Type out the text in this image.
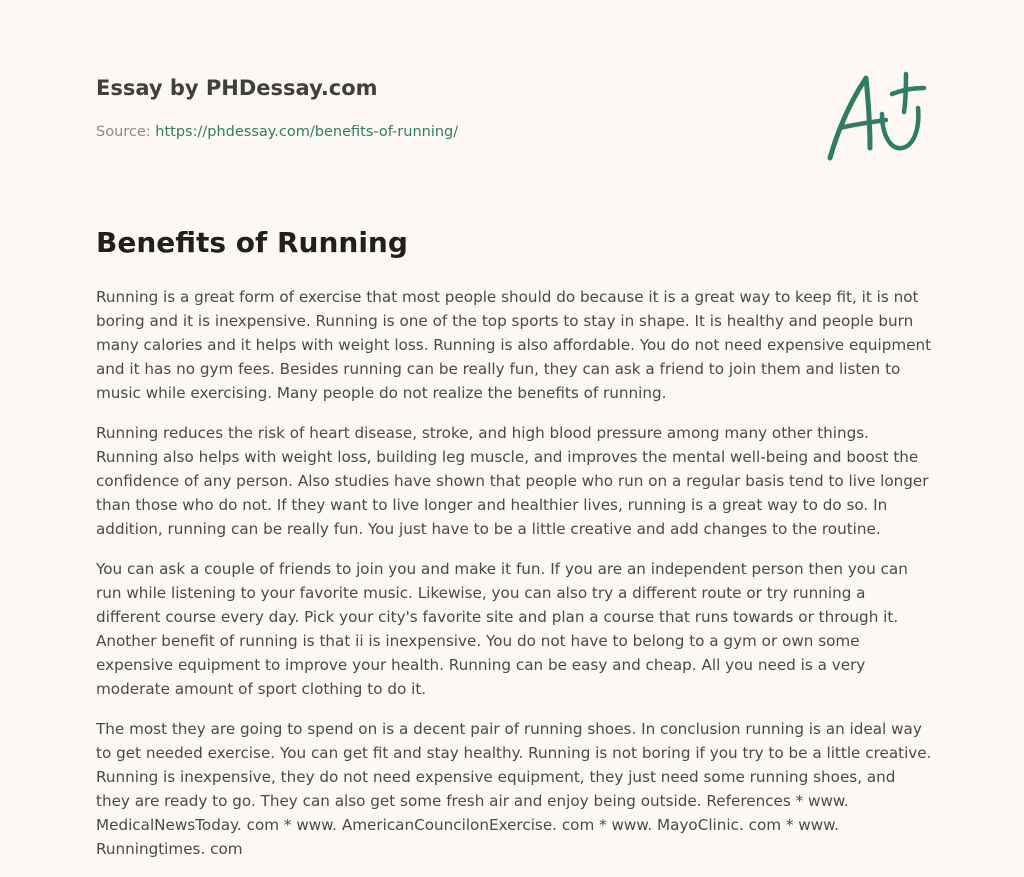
Essay by PHDessay.com
Source: https://phdessay.com/benefits-of-running/
Benefits of Running

Running is a great form of exercise that most people should do because it is a great way to keep fit, it is not boring and it is inexpensive. Running is one of the top sports to stay in shape. It is healthy and people burn many calories and it helps with weight loss. Running is also affordable. You do not need expensive equipment and it has no gym fees. Besides running can be really fun, they can ask a friend to join them and listen to music while exercising. Many people do not realize the benefits of running.

Running reduces the risk of heart disease, stroke, and high blood pressure among many other things. Running also helps with weight loss, building leg muscle, and improves the mental well-being and boost the confidence of any person. Also studies have shown that people who run on a regular basis tend to live longer than those who do not. If they want to live longer and healthier lives, running is a great way to do so. In addition, running can be really fun. You just have to be a little creative and add changes to the routine.

You can ask a couple of friends to join you and make it fun. If you are an independent person then you can run while listening to your favorite music. Likewise, you can also try a different route or try running a different course every day. Pick your city's favorite site and plan a course that runs towards or through it. Another benefit of running is that ii is inexpensive. You do not have to belong to a gym or own some expensive equipment to improve your health. Running can be easy and cheap. All you need is a very moderate amount of sport clothing to do it.

The most they are going to spend on is a decent pair of running shoes. In conclusion running is an ideal way to get needed exercise. You can get fit and stay healthy. Running is not boring if you try to be a little creative. Running is inexpensive, they do not need expensive equipment, they just need some running shoes, and they are ready to go. They can also get some fresh air and enjoy being outside. References * www. MedicalNewsToday. com * www. AmericanCouncilonExercise. com * www. MayoClinic. com * www. Runningtimes. com
